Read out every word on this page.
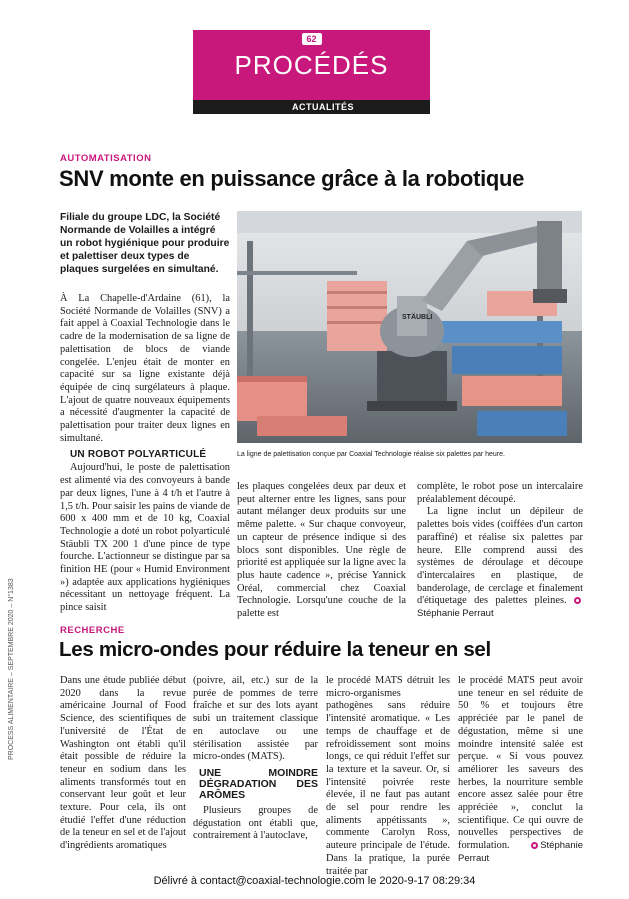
62
PROCÉDÉS
ACTUALITÉS
AUTOMATISATION
SNV monte en puissance grâce à la robotique
Filiale du groupe LDC, la Société Normande de Volailles a intégré un robot hygiénique pour produire et palettiser deux types de plaques surgelées en simultané.
STÄUBLI
La ligne de palettisation conçue par Coaxial Technologie réalise six palettes par heure.

À La Chapelle-d'Ardaine (61), la Société Normande de Volailles (SNV) a fait appel à Coaxial Technologie dans le cadre de la modernisation de sa ligne de palettisation de blocs de viande congelée. L'enjeu était de monter en capacité sur sa ligne existante déjà équipée de cinq surgélateurs à plaque. L'ajout de quatre nouveaux équipements a nécessité d'augmenter la capacité de palettisation pour traiter deux lignes en simultané.

UN ROBOT POLYARTICULÉ

Aujourd'hui, le poste de palettisation est alimenté via des convoyeurs à bande par deux lignes, l'une à 4 t/h et l'autre à 1,5 t/h. Pour saisir les pains de viande de 600 x 400 mm et de 10 kg, Coaxial Technologie a doté un robot polyarticulé Stäubli TX 200 1 d'une pince de type fourche. L'actionneur se distingue par sa finition HE (pour « Humid Environment ») adaptée aux applications hygiéniques nécessitant un nettoyage fréquent. La pince saisit

les plaques congelées deux par deux et peut alterner entre les lignes, sans pour autant mélanger deux produits sur une même palette. « Sur chaque convoyeur, un capteur de présence indique si des blocs sont disponibles. Une règle de priorité est appliquée sur la ligne avec la plus haute cadence », précise Yannick Oréal, commercial chez Coaxial Technologie. Lorsqu'une couche de la palette est

complète, le robot pose un intercalaire préalablement découpé.

La ligne inclut un dépileur de palettes bois vides (coiffées d'un carton paraffiné) et réalise six palettes par heure. Elle comprend aussi des systèmes de déroulage et découpe d'intercalaires en plastique, de banderolage, de cerclage et finalement d'étiquetage des palettes pleines. Stéphanie Perraut

RECHERCHE
Les micro-ondes pour réduire la teneur en sel

Dans une étude publiée début 2020 dans la revue américaine Journal of Food Science, des scientifiques de l'université de l'État de Washington ont établi qu'il était possible de réduire la teneur en sodium dans les aliments transformés tout en conservant leur goût et leur texture. Pour cela, ils ont étudié l'effet d'une réduction de la teneur en sel et de l'ajout d'ingrédients aromatiques

(poivre, ail, etc.) sur de la purée de pommes de terre fraîche et sur des lots ayant subi un traitement classique en autoclave ou une stérilisation assistée par micro-ondes (MATS).

UNE MOINDRE DÉGRADATION DES ARÔMES

Plusieurs groupes de dégustation ont établi que, contrairement à l'autoclave,

le procédé MATS détruit les micro-organismes pathogènes sans réduire l'intensité aromatique. « Les temps de chauffage et de refroidissement sont moins longs, ce qui réduit l'effet sur la texture et la saveur. Or, si l'intensité poivrée reste élevée, il ne faut pas autant de sel pour rendre les aliments appétissants », commente Carolyn Ross, auteure principale de l'étude. Dans la pratique, la purée traitée par

le procédé MATS peut avoir une teneur en sel réduite de 50 % et toujours être appréciée par le panel de dégustation, même si une moindre intensité salée est perçue. « Si vous pouvez améliorer les saveurs des herbes, la nourriture semble encore assez salée pour être appréciée », conclut la scientifique. Ce qui ouvre de nouvelles perspectives de formulation.	Stéphanie Perraut

PROCESS ALIMENTAIRE – SEPTEMBRE 2020 – N°1383
Délivré à contact@coaxial-technologie.com le 2020-9-17 08:29:34
